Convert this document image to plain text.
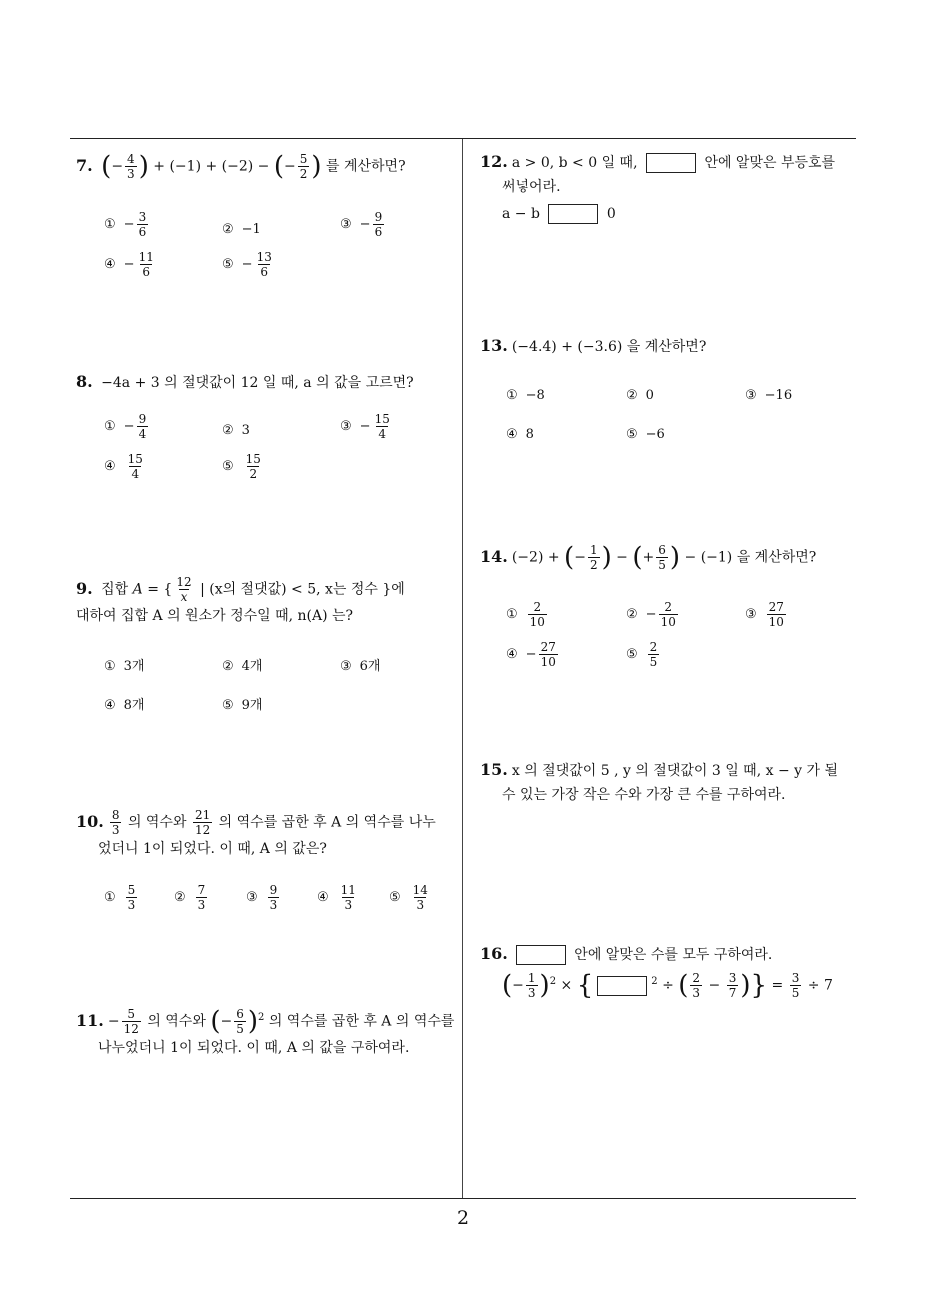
2
7. (− $\frac{4}{3}$ ) + (−1) + (−2) − (− $\frac{5}{2}$ ) 를 계산하면?
① − $\frac{3}{6}$	② −1	③ − $\frac{9}{6}$
④ − $\frac{11}{6}$	⑤ − $\frac{13}{6}$
8. −4a + 3 의 절댓값이 12 일 때, a 의 값을 고르면?
① − $\frac{9}{4}$	② 3	③ − $\frac{15}{4}$
④ $\frac{15}{4}$	⑤ $\frac{15}{2}$
9. 집합 A = { $\frac{12}{x}$ | (x의 절댓값) < 5, x는 정수 }에
대하여 집합 A 의 원소가 정수일 때, n(A) 는?
① 3개	② 4개	③ 6개
④ 8개	⑤ 9개
10. $\frac{8}{3}$ 의 역수와 $\frac{21}{12}$ 의 역수를 곱한 후 A 의 역수를 나누
었더니 1이 되었다. 이 때, A 의 값은?
① $\frac{5}{3}$	② $\frac{7}{3}$	③ $\frac{9}{3}$	④ $\frac{11}{3}$ ⑤ $\frac{14}{3}$
11. − $\frac{5}{12}$ 의 역수와 (− $\frac{6}{5} )^2$ 의 역수를 곱한 후 A 의 역수를
나누었더니 1이 되었다. 이 때, A 의 값을 구하여라.
12. a > 0, b < 0 일 때,	안에 알맞은 부등호를
써넣어라.
a − b	0
13. (−4.4) + (−3.6) 을 계산하면?
① −8	② 0	③ −16
④ 8	⑤ −6
14. (−2) + (− $\frac{1}{2}$ ) − (+ $\frac{6}{5}$ ) − (−1) 을 계산하면?
① $\frac{2}{10}$	② − $\frac{2}{10}$	③ $\frac{27}{10}$
④ − $\frac{27}{10}$	⑤ $\frac{2}{5}$
15. x 의 절댓값이 5 , y 의 절댓값이 3 일 때, x − y 가 될
수 있는 가장 작은 수와 가장 큰 수를 구하여라.
16.	안에 알맞은 수를 모두 구하여라.
(− $\frac{1}{3} )^2$ × {	$^2$ ÷ ( $\frac{2}{3} - \frac{3}{7}$ )} = $\frac{3}{5} \div 7$
